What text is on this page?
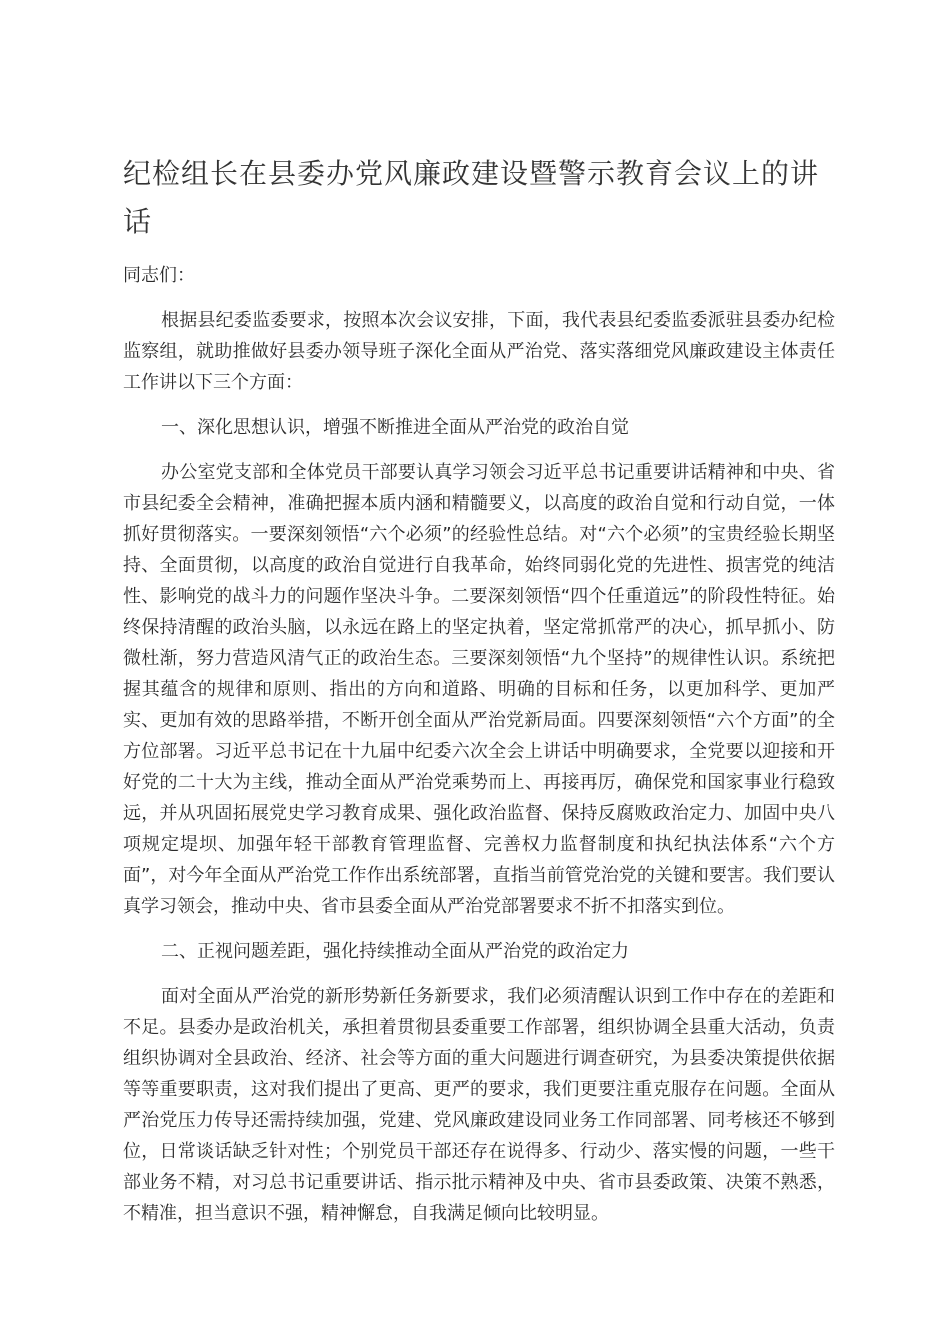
纪检组长在县委办党风廉政建设暨警示教育会议上的讲话

同志们：

根据县纪委监委要求，按照本次会议安排，下面，我代表县纪委监委派驻县委办纪检监察组，就助推做好县委办领导班子深化全面从严治党、落实落细党风廉政建设主体责任工作讲以下三个方面：

一、深化思想认识，增强不断推进全面从严治党的政治自觉

办公室党支部和全体党员干部要认真学习领会习近平总书记重要讲话精神和中央、省市县纪委全会精神，准确把握本质内涵和精髓要义，以高度的政治自觉和行动自觉，一体抓好贯彻落实。一要深刻领悟“六个必须”的经验性总结。对“六个必须”的宝贵经验长期坚持、全面贯彻，以高度的政治自觉进行自我革命，始终同弱化党的先进性、损害党的纯洁性、影响党的战斗力的问题作坚决斗争。二要深刻领悟“四个任重道远”的阶段性特征。始终保持清醒的政治头脑，以永远在路上的坚定执着，坚定常抓常严的决心，抓早抓小、防微杜渐，努力营造风清气正的政治生态。三要深刻领悟“九个坚持”的规律性认识。系统把握其蕴含的规律和原则、指出的方向和道路、明确的目标和任务，以更加科学、更加严实、更加有效的思路举措，不断开创全面从严治党新局面。四要深刻领悟“六个方面”的全方位部署。习近平总书记在十九届中纪委六次全会上讲话中明确要求，全党要以迎接和开好党的二十大为主线，推动全面从严治党乘势而上、再接再厉，确保党和国家事业行稳致远，并从巩固拓展党史学习教育成果、强化政治监督、保持反腐败政治定力、加固中央八项规定堤坝、加强年轻干部教育管理监督、完善权力监督制度和执纪执法体系“六个方面”，对今年全面从严治党工作作出系统部署，直指当前管党治党的关键和要害。我们要认真学习领会，推动中央、省市县委全面从严治党部署要求不折不扣落实到位。

二、正视问题差距，强化持续推动全面从严治党的政治定力

面对全面从严治党的新形势新任务新要求，我们必须清醒认识到工作中存在的差距和不足。县委办是政治机关，承担着贯彻县委重要工作部署，组织协调全县重大活动，负责组织协调对全县政治、经济、社会等方面的重大问题进行调查研究，为县委决策提供依据等等重要职责，这对我们提出了更高、更严的要求，我们更要注重克服存在问题。全面从严治党压力传导还需持续加强，党建、党风廉政建设同业务工作同部署、同考核还不够到位，日常谈话缺乏针对性；个别党员干部还存在说得多、行动少、落实慢的问题，一些干部业务不精，对习总书记重要讲话、指示批示精神及中央、省市县委政策、决策不熟悉，不精准，担当意识不强，精神懈怠，自我满足倾向比较明显。
